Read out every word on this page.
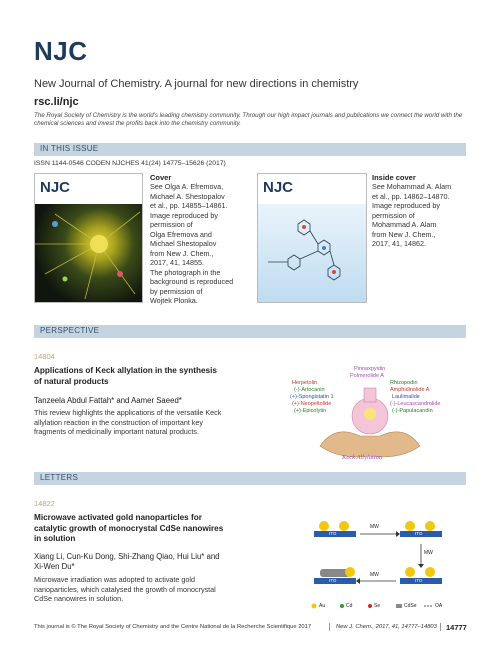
NJC
New Journal of Chemistry. A journal for new directions in chemistry
rsc.li/njc
The Royal Society of Chemistry is the world's leading chemistry community. Through our high impact journals and publications we connect the world with the chemical sciences and invest the profits back into the chemistry community.
IN THIS ISSUE
ISSN 1144-0546 CODEN NJCHES 41(24) 14775–15626 (2017)
NJC
Cover
See Olga A. Efremova,
Michael A. Shestopalov
et al., pp. 14855–14861.
Image reproduced by
permission of
Olga Efremova and
Michael Shestopalov
from New J. Chem.,
2017, 41, 14855.
The photograph in the
background is reproduced
by permission of
Wojtek Plonka.
NJC
Inside cover
See Mohammad A. Alam
et al., pp. 14862–14870.
Image reproduced by
permission of
Mohammad A. Alam
from New J. Chem.,
2017, 41, 14862.
PERSPECTIVE
14804
Applications of Keck allylation in the synthesis
of natural products
Tanzeela Abdul Fattah* and Aamer Saeed*
This review highlights the applications of the versatile Keck
allylation reaction in the construction of important key
fragments of medicinally important natural products.
Pinnaxpyidin
Polmerolide A
Herpetolin
(-)-Artocanin
(+)-Spongistatin 1
(+)-Neopeltolide
(+)-Epicolytin
Rhizopodin
Amphidinolide A
Laulimalide
(-)-Leucascandrolide
(-)-Papulacandin
Keck Allylation
LETTERS
14822
Microwave activated gold nanoparticles for
catalytic growth of monocrystal CdSe nanowires
in solution
Xiang Li, Cun-Ku Dong, Shi-Zhang Qiao, Hui Liu* and
Xi-Wen Du*
Microwave irradiation was adopted to activate gold
nanoparticles, which catalysed the growth of monocrystal
CdSe nanowires in solution.
MW
MW
MW
ITO	ITO
ITO
ITO
Au	Cd	Se	CdSe	OA
This journal is © The Royal Society of Chemistry and the Centre National de la Recherche Scientifique 2017	New J. Chem., 2017, 41, 14777–14803 14777
